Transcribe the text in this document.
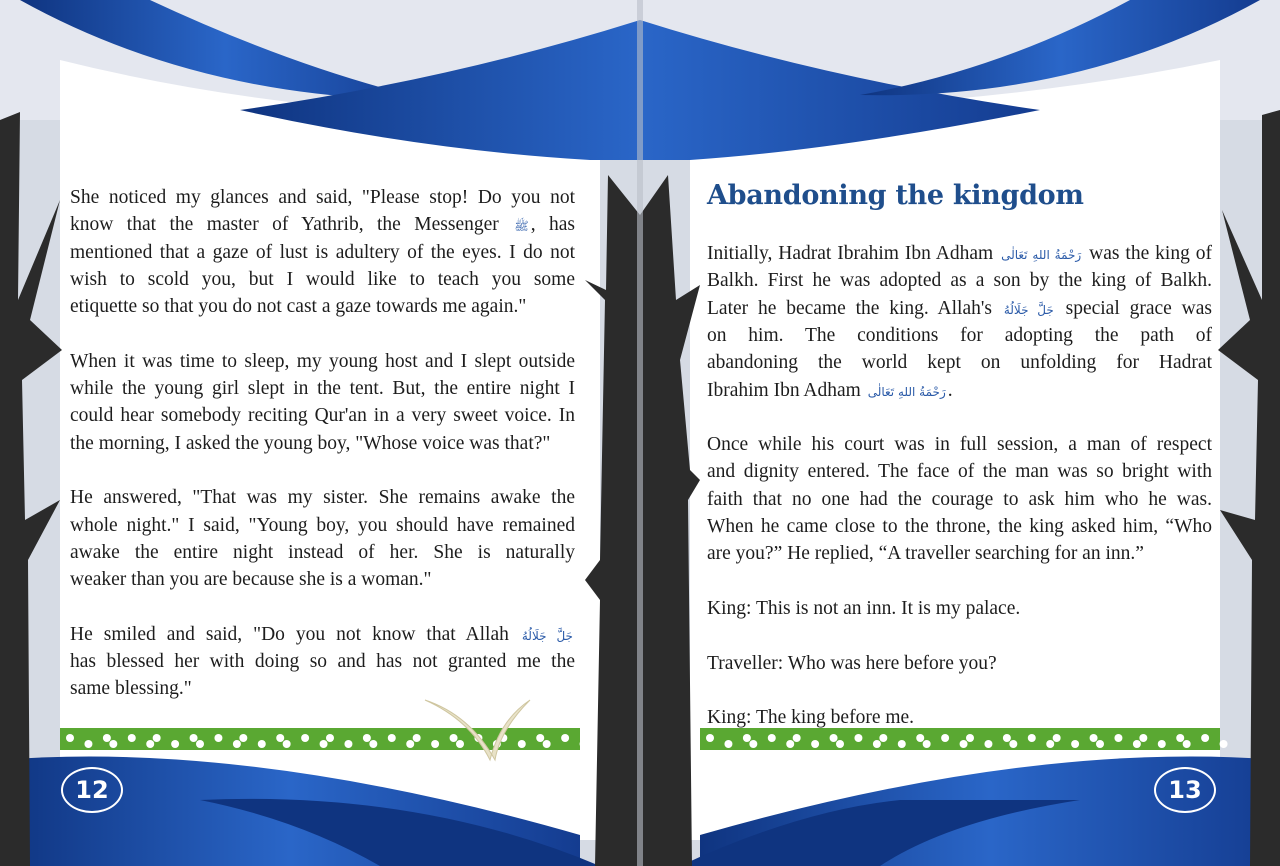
12	13
Abandoning the kingdom
She noticed my glances and said, "Please stop! Do you not
know that the master of Yathrib, the Messenger ﷺ , has
mentioned that a gaze of lust is adultery of the eyes. I do not
wish to scold you, but I would like to teach you some
etiquette so that you do not cast a gaze towards me again."
When it was time to sleep, my young host and I slept outside
while the young girl slept in the tent. But, the entire night I
could hear somebody reciting Qur'an in a very sweet voice. In
the morning, I asked the young boy, "Whose voice was that?"
He answered, "That was my sister. She remains awake the
whole night." I said, "Young boy, you should have remained
awake the entire night instead of her. She is naturally
weaker than you are because she is a woman."
He smiled and said, "Do you not know that Allah جَلَّ جَلَالُهُ
has blessed her with doing so and has not granted me the
same blessing."
Initially, Hadrat Ibrahim Ibn Adham رَحْمَةُ اللهِ تَعَالٰى was the king of
Balkh. First he was adopted as a son by the king of Balkh.
Later he became the king. Allah's جَلَّ جَلَالُهُ special grace was
on him. The conditions for adopting the path of
abandoning the world kept on unfolding for Hadrat
Ibrahim Ibn Adham رَحْمَةُ اللهِ تَعَالٰى .
Once while his court was in full session, a man of respect
and dignity entered. The face of the man was so bright with
faith that no one had the courage to ask him who he was.
When he came close to the throne, the king asked him, “Who
are you?” He replied, “A traveller searching for an inn.”
King: This is not an inn. It is my palace.
Traveller: Who was here before you?
King: The king before me.
